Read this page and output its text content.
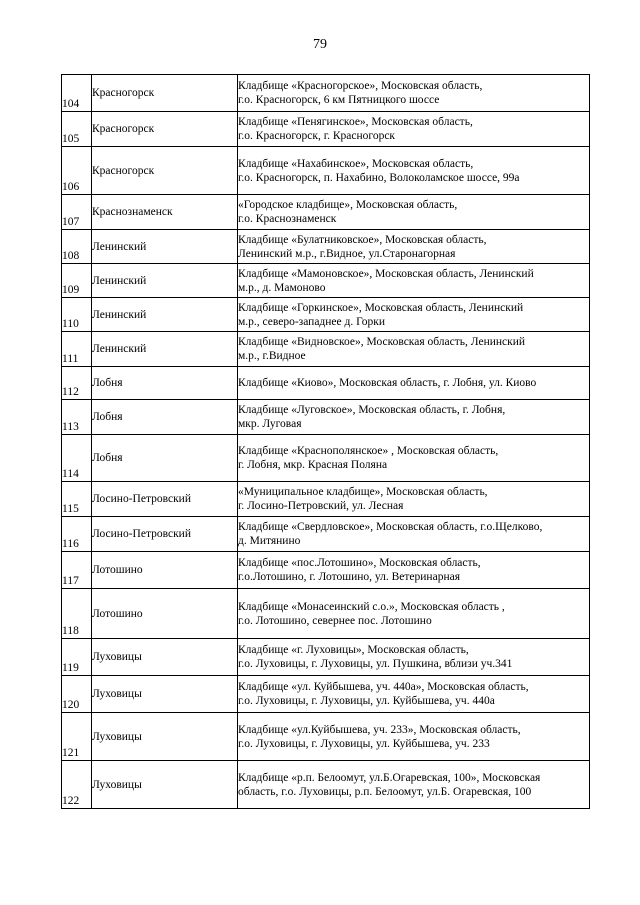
79
104	Красногорск	Кладбище «Красногорское», Московская область,
г.о. Красногорск, 6 км Пятницкого шоссе
105	Красногорск	Кладбище «Пенягинское», Московская область,
г.о. Красногорск, г. Красногорск
106	Красногорск	Кладбище «Нахабинское», Московская область,
г.о. Красногорск, п. Нахабино, Волоколамское шоссе, 99а
107	Краснознаменск	«Городское кладбище», Московская область,
г.о. Краснознаменск
108	Ленинский	Кладбище «Булатниковское», Московская область,
Ленинский м.р., г.Видное, ул.Старонагорная
109	Ленинский	Кладбище «Мамоновское», Московская область, Ленинский
м.р., д. Мамоново
110	Ленинский	Кладбище «Горкинское», Московская область, Ленинский
м.р., северо-западнее д. Горки
111	Ленинский	Кладбище «Видновское», Московская область, Ленинский
м.р., г.Видное
112	Лобня	Кладбище «Киово», Московская область, г. Лобня, ул. Киово
113	Лобня	Кладбище «Луговское», Московская область, г. Лобня,
мкр. Луговая
114	Лобня	Кладбище «Краснополянское» , Московская область,
г. Лобня, мкр. Красная Поляна
115	Лосино-Петровский	«Муниципальное кладбище», Московская область,
г. Лосино-Петровский, ул. Лесная
116	Лосино-Петровский	Кладбище «Свердловское», Московская область, г.о.Щелково,
д. Митянино
117	Лотошино	Кладбище «пос.Лотошино», Московская область,
г.о.Лотошино, г. Лотошино, ул. Ветеринарная
118	Лотошино	Кладбище «Монасеинский с.о.», Московская область ,
г.о. Лотошино, севернее пос. Лотошино
119	Луховицы	Кладбище «г. Луховицы», Московская область,
г.о. Луховицы, г. Луховицы, ул. Пушкина, вблизи уч.341
120	Луховицы	Кладбище «ул. Куйбышева, уч. 440а», Московская область,
г.о. Луховицы, г. Луховицы, ул. Куйбышева, уч. 440а
121	Луховицы	Кладбище «ул.Куйбышева, уч. 233», Московская область,
г.о. Луховицы, г. Луховицы, ул. Куйбышева, уч. 233
122	Луховицы	Кладбище «р.п. Белоомут, ул.Б.Огаревская, 100», Московская
область, г.о. Луховицы, р.п. Белоомут, ул.Б. Огаревская, 100
